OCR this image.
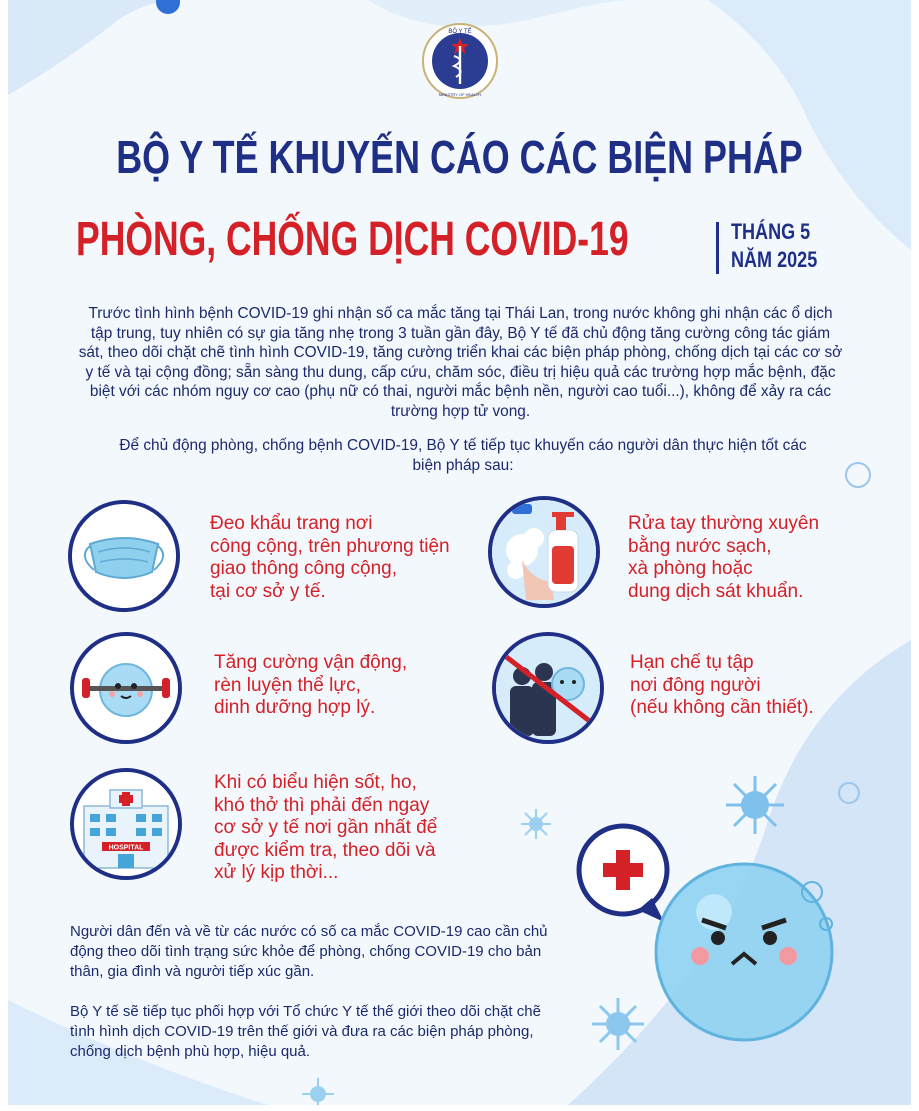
BỘ Y TẾ
MINISTRY OF HEALTH
BỘ Y TẾ KHUYẾN CÁO CÁC BIỆN PHÁP
PHÒNG, CHỐNG DỊCH COVID-19	THÁNG 5
NĂM 2025
Trước tình hình bệnh COVID-19 ghi nhận số ca mắc tăng tại Thái Lan, trong nước không ghi nhận các ổ dịch tập trung, tuy nhiên có sự gia tăng nhẹ trong 3 tuần gần đây, Bộ Y tế đã chủ động tăng cường công tác giám sát, theo dõi chặt chẽ tình hình COVID-19, tăng cường triển khai các biện pháp phòng, chống dịch tại các cơ sở y tế và tại cộng đồng; sẵn sàng thu dung, cấp cứu, chăm sóc, điều trị hiệu quả các trường hợp mắc bệnh, đặc biệt với các nhóm nguy cơ cao (phụ nữ có thai, người mắc bệnh nền, người cao tuổi...), không để xảy ra các trường hợp tử vong.
Để chủ động phòng, chống bệnh COVID-19, Bộ Y tế tiếp tục khuyến cáo người dân thực hiện tốt các biện pháp sau:
Đeo khẩu trang nơi
công cộng, trên phương tiện
giao thông công cộng,
tại cơ sở y tế.
Rửa tay thường xuyên
bằng nước sạch,
xà phòng hoặc
dung dịch sát khuẩn.
Tăng cường vận động,
rèn luyện thể lực,
dinh dưỡng hợp lý.
Hạn chế tụ tập
nơi đông người
(nếu không cần thiết).
HOSPITAL
Khi có biểu hiện sốt, ho,
khó thở thì phải đến ngay
cơ sở y tế nơi gần nhất để
được kiểm tra, theo dõi và
xử lý kịp thời...
Người dân đến và về từ các nước có số ca mắc COVID-19 cao cần chủ động theo dõi tình trạng sức khỏe để phòng, chống COVID-19 cho bản thân, gia đình và người tiếp xúc gần.
Bộ Y tế sẽ tiếp tục phối hợp với Tổ chức Y tế thế giới theo dõi chặt chẽ tình hình dịch COVID-19 trên thế giới và đưa ra các biện pháp phòng, chống dịch bệnh phù hợp, hiệu quả.
